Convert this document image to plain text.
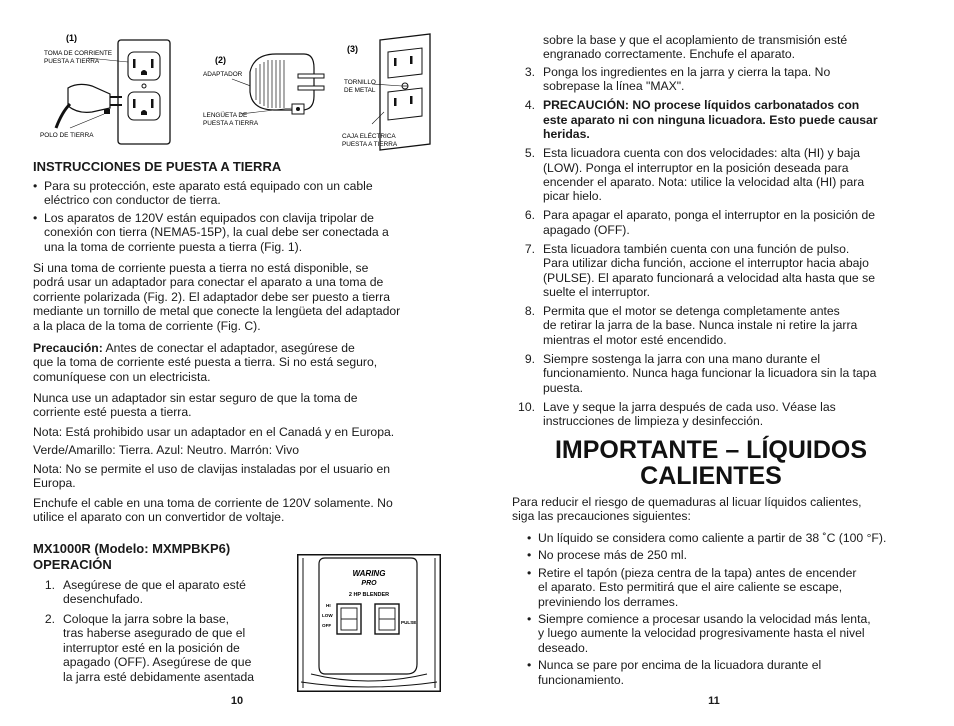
(1)
TOMA DE CORRIENTE
PUESTA A TIERRA
POLO DE TIERRA
(2)
ADAPTADOR
LENGÜETA DE
PUESTA A TIERRA
(3)
TORNILLO
DE METAL
CAJA ELÉCTRICA
PUESTA A TIERRA
INSTRUCCIONES DE PUESTA A TIERRA
• Para su protección, este aparato está equipado con un cable
eléctrico con conductor de tierra.
• Los aparatos de 120V están equipados con clavija tripolar de
conexión con tierra (NEMA5-15P), la cual debe ser conectada a
una la toma de corriente puesta a tierra (Fig. 1).

Si una toma de corriente puesta a tierra no está disponible, se
podrá usar un adaptador para conectar el aparato a una toma de
corriente polarizada (Fig. 2). El adaptador debe ser puesto a tierra
mediante un tornillo de metal que conecte la lengüeta del adaptador
a la placa de la toma de corriente (Fig. C).

Precaución: Antes de conectar el adaptador, asegúrese de
que la toma de corriente esté puesta a tierra. Si no está seguro,
comuníquese con un electricista.

Nunca use un adaptador sin estar seguro de que la toma de
corriente esté puesta a tierra.

Nota: Está prohibido usar un adaptador en el Canadá y en Europa.

Verde/Amarillo: Tierra. Azul: Neutro. Marrón: Vivo

Nota: No se permite el uso de clavijas instaladas por el usuario en
Europa.

Enchufe el cable en una toma de corriente de 120V solamente. No
utilice el aparato con un convertidor de voltaje.

MX1000R (Modelo: MXMPBKP6)
OPERACIÓN
1. Asegúrese de que el aparato esté
desenchufado.
2. Coloque la jarra sobre la base,
tras haberse asegurado de que el
interruptor esté en la posición de
apagado (OFF). Asegúrese de que
la jarra esté debidamente asentada
WARING
PRO
2 HP BLENDER
HI
LOW
OFF
PULSE
10

sobre la base y que el acoplamiento de transmisión esté
engranado correctamente. Enchufe el aparato.

3. Ponga los ingredientes en la jarra y cierra la tapa. No
sobrepase la línea "MAX".
4. PRECAUCIÓN: NO procese líquidos carbonatados con
este aparato ni con ninguna licuadora. Esto puede causar
heridas.
5. Esta licuadora cuenta con dos velocidades: alta (HI) y baja
(LOW). Ponga el interruptor en la posición deseada para
encender el aparato. Nota: utilice la velocidad alta (HI) para
picar hielo.
6. Para apagar el aparato, ponga el interruptor en la posición de
apagado (OFF).
7. Esta licuadora también cuenta con una función de pulso.
Para utilizar dicha función, accione el interruptor hacia abajo
(PULSE). El aparato funcionará a velocidad alta hasta que se
suelte el interruptor.
8. Permita que el motor se detenga completamente antes
de retirar la jarra de la base. Nunca instale ni retire la jarra
mientras el motor esté encendido.
9. Siempre sostenga la jarra con una mano durante el
funcionamiento. Nunca haga funcionar la licuadora sin la tapa
puesta.
10. Lave y seque la jarra después de cada uso. Véase las
instrucciones de limpieza y desinfección.
IMPORTANTE – LÍQUIDOS
CALIENTES

Para reducir el riesgo de quemaduras al licuar líquidos calientes,
siga las precauciones siguientes:

• Un líquido se considera como caliente a partir de 38 ˚C (100 °F).
• No procese más de 250 ml.
• Retire el tapón (pieza centra de la tapa) antes de encender
el aparato. Esto permitirá que el aire caliente se escape,
previniendo los derrames.
• Siempre comience a procesar usando la velocidad más lenta,
y luego aumente la velocidad progresivamente hasta el nivel
deseado.
• Nunca se pare por encima de la licuadora durante el
funcionamiento.
11
